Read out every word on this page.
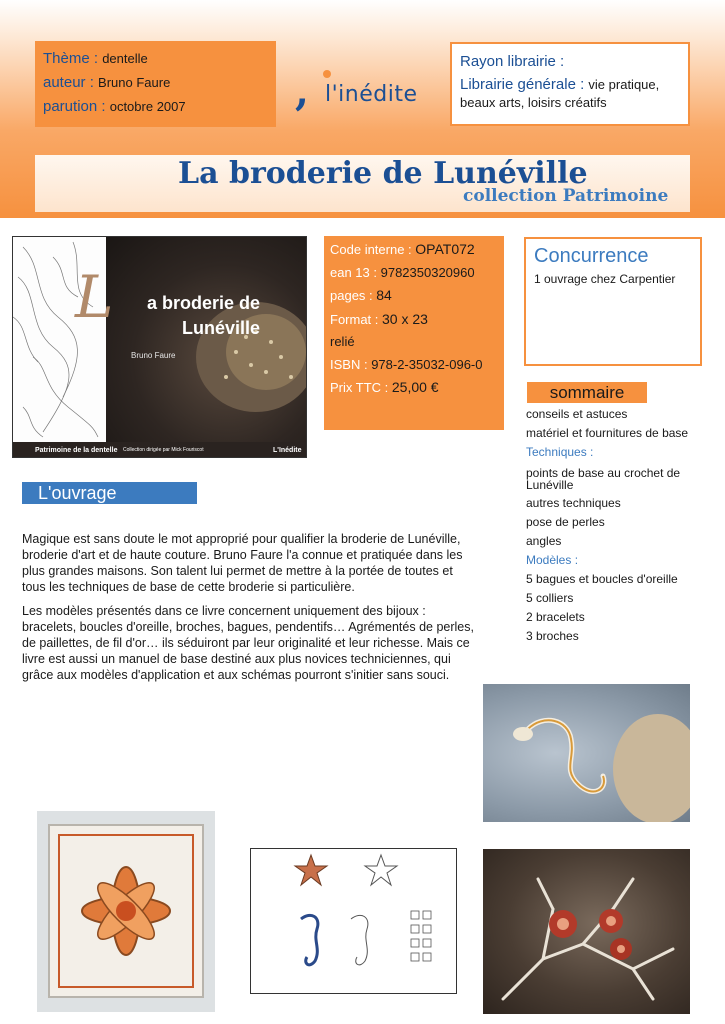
Thème : dentelle
auteur : Bruno Faure
parution : octobre 2007	, l'inédite
Rayon librairie :
Librairie générale : vie pratique, beaux arts, loisirs créatifs
La broderie de Lunéville
collection Patrimoine
L	a broderie de
Lunéville
Bruno Faure
Patrimoine de la dentelle Collection dirigée par Mick Fouriscot	L'Inédite
Code interne : OPAT072
ean 13 : 9782350320960
pages : 84
Format : 30 x 23
relié
ISBN : 978-2-35032-096-0
Prix TTC : 25,00 €
Concurrence
1 ouvrage chez Carpentier
sommaire
conseils et astuces
matériel et fournitures de base
Techniques :
points de base au crochet de Lunéville
autres techniques
pose de perles
angles
Modèles :
5 bagues et boucles d'oreille
5 colliers
2 bracelets
3 broches
L'ouvrage

Magique est sans doute le mot approprié pour qualifier la broderie de Lunéville, broderie d'art et de haute couture. Bruno Faure l'a connue et pratiquée dans les plus grandes maisons. Son talent lui permet de mettre à la portée de toutes et tous les techniques de base de cette broderie si particulière.

Les modèles présentés dans ce livre concernent uniquement des bijoux : bracelets, boucles d'oreille, broches, bagues, pendentifs… Agrémentés de perles, de paillettes, de fil d'or… ils séduiront par leur originalité et leur richesse. Mais ce livre est aussi un manuel de base destiné aux plus novices techniciennes, qui grâce aux modèles d'application et aux schémas pourront s'initier sans souci.
